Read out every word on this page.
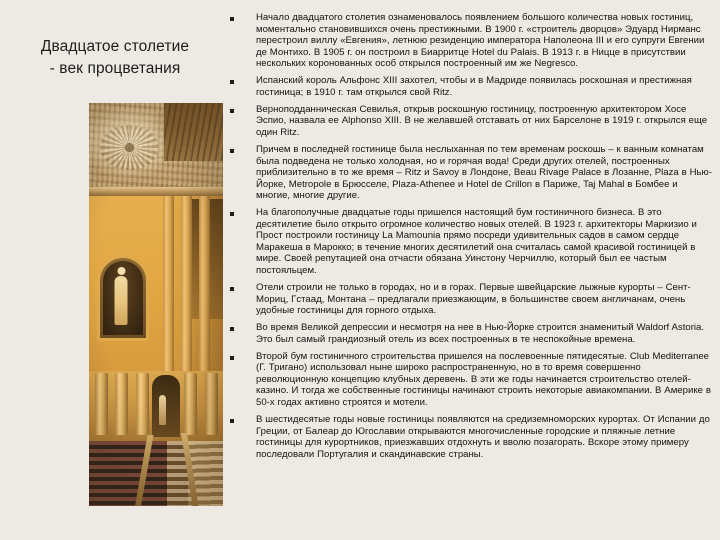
Двадцатое столетие
- век процветания
Начало двадцатого столетия ознаменовалось появлением большого количества новых гостиниц, моментально становившихся очень престижными. В 1900 г. «строитель дворцов» Эдуард Нирманс перестроил виллу «Евгения», летнюю резиденцию императора Наполеона III и его супруги Евгении де Монтихо. В 1905 г. он построил в Биарритце Hotel du Palais. В 1913 г. в Ницце в присутствии нескольких коронованных особ открылся построенный им же Negresco.
Испанский король Альфонс XIII захотел, чтобы и в Мадриде появилась роскошная и престижная гостиница; в 1910 г. там открылся свой Ritz.
Верноподданническая Севилья, открыв роскошную гостиницу, построенную архитектором Хосе Эспио, назвала ее Alphonso XIII. В не желавшей отставать от них Барселоне в 1919 г. открылся еще один Ritz.
Причем в последней гостинице была неслыханная по тем временам роскошь – к ванным комнатам была подведена не только холодная, но и горячая вода! Среди других отелей, построенных приблизительно в то же время – Ritz и Savoy в Лондоне, Beau Rivage Palace в Лозанне, Plaza в Нью-Йорке, Metropole в Брюсселе, Plaza-Athenee и Hotel de Crillon в Париже, Taj Mahal в Бомбее и многие, многие другие.
На благополучные двадцатые годы пришелся настоящий бум гостиничного бизнеса. В это десятилетие было открыто огромное количество новых отелей. В 1923 г. архитекторы Маркизио и Прост построили гостиницу La Mamounia прямо посреди удивительных садов в самом сердце Маракеша в Марокко; в течение многих десятилетий она считалась самой красивой гостиницей в мире. Своей репутацией она отчасти обязана Уинстону Черчиллю, который был ее частым постояльцем.
Отели строили не только в городах, но и в горах. Первые швейцарские лыжные курорты – Сент-Мориц, Гстаад, Монтана – предлагали приезжающим, в большинстве своем англичанам, очень удобные гостиницы для горного отдыха.
Во время Великой депрессии и несмотря на нее в Нью-Йорке строится знаменитый Waldorf Astoria. Это был самый грандиозный отель из всех построенных в те неспокойные времена.
Второй бум гостиничного строительства пришелся на послевоенные пятидесятые. Club Mediterranee (Г. Тригано) использовал ныне широко распространенную, но в то время совершенно революционную концепцию клубных деревень. В эти же годы начинается строительство отелей-казино. И тогда же собственные гостиницы начинают строить некоторые авиакомпании. В Америке в 50-х годах активно строятся и мотели.
В шестидесятые годы новые гостиницы появляются на средиземноморских курортах. От Испании до Греции, от Балеар до Югославии открываются многочисленные городские и пляжные летние гостиницы для курортников, приезжавших отдохнуть и вволю позагорать. Вскоре этому примеру последовали Португалия и скандинавские страны.
